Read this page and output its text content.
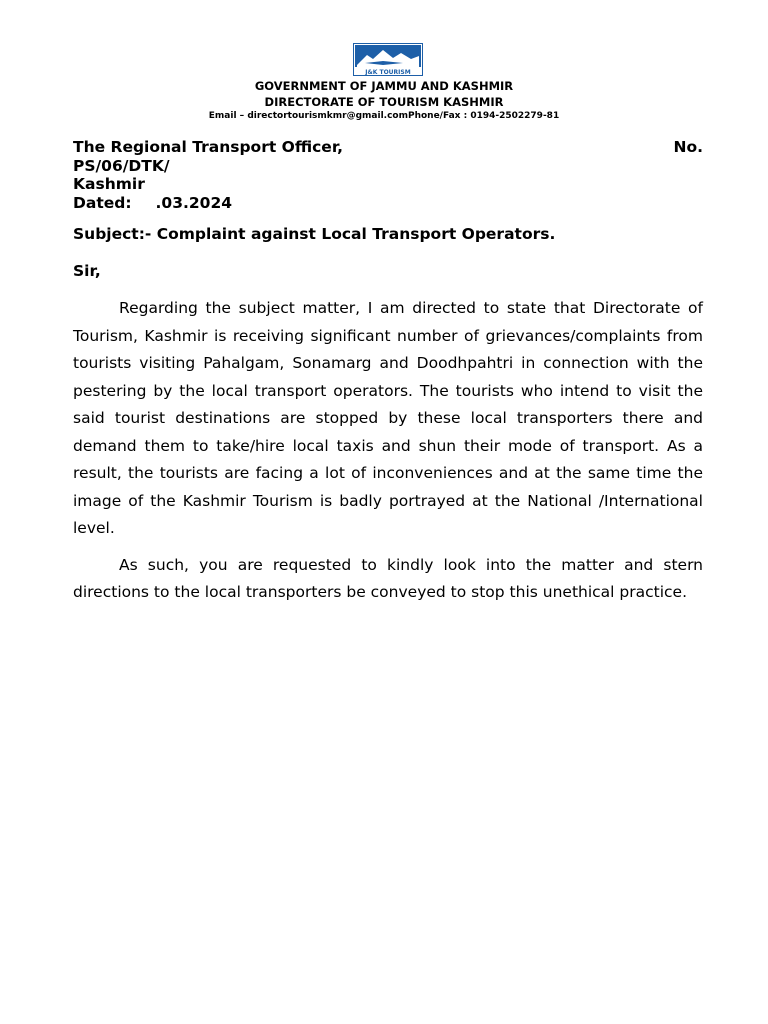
J&K TOURISM
GOVERNMENT OF JAMMU AND KASHMIR
DIRECTORATE OF TOURISM KASHMIR
Email – directortourismkmr@gmail.comPhone/Fax : 0194-2502279-81
The Regional Transport Officer,	No.
PS/06/DTK/
Kashmir
Dated: .03.2024
Subject:- Complaint against Local Transport Operators.
Sir,

Regarding the subject matter, I am directed to state that Directorate of Tourism, Kashmir is receiving significant number of grievances/complaints from tourists visiting Pahalgam, Sonamarg and Doodhpahtri in connection with the pestering by the local transport operators. The tourists who intend to visit the said tourist destinations are stopped by these local transporters there and demand them to take/hire local taxis and shun their mode of transport. As a result, the tourists are facing a lot of inconveniences and at the same time the image of the Kashmir Tourism is badly portrayed at the National /International level.

As such, you are requested to kindly look into the matter and stern directions to the local transporters be conveyed to stop this unethical practice.
